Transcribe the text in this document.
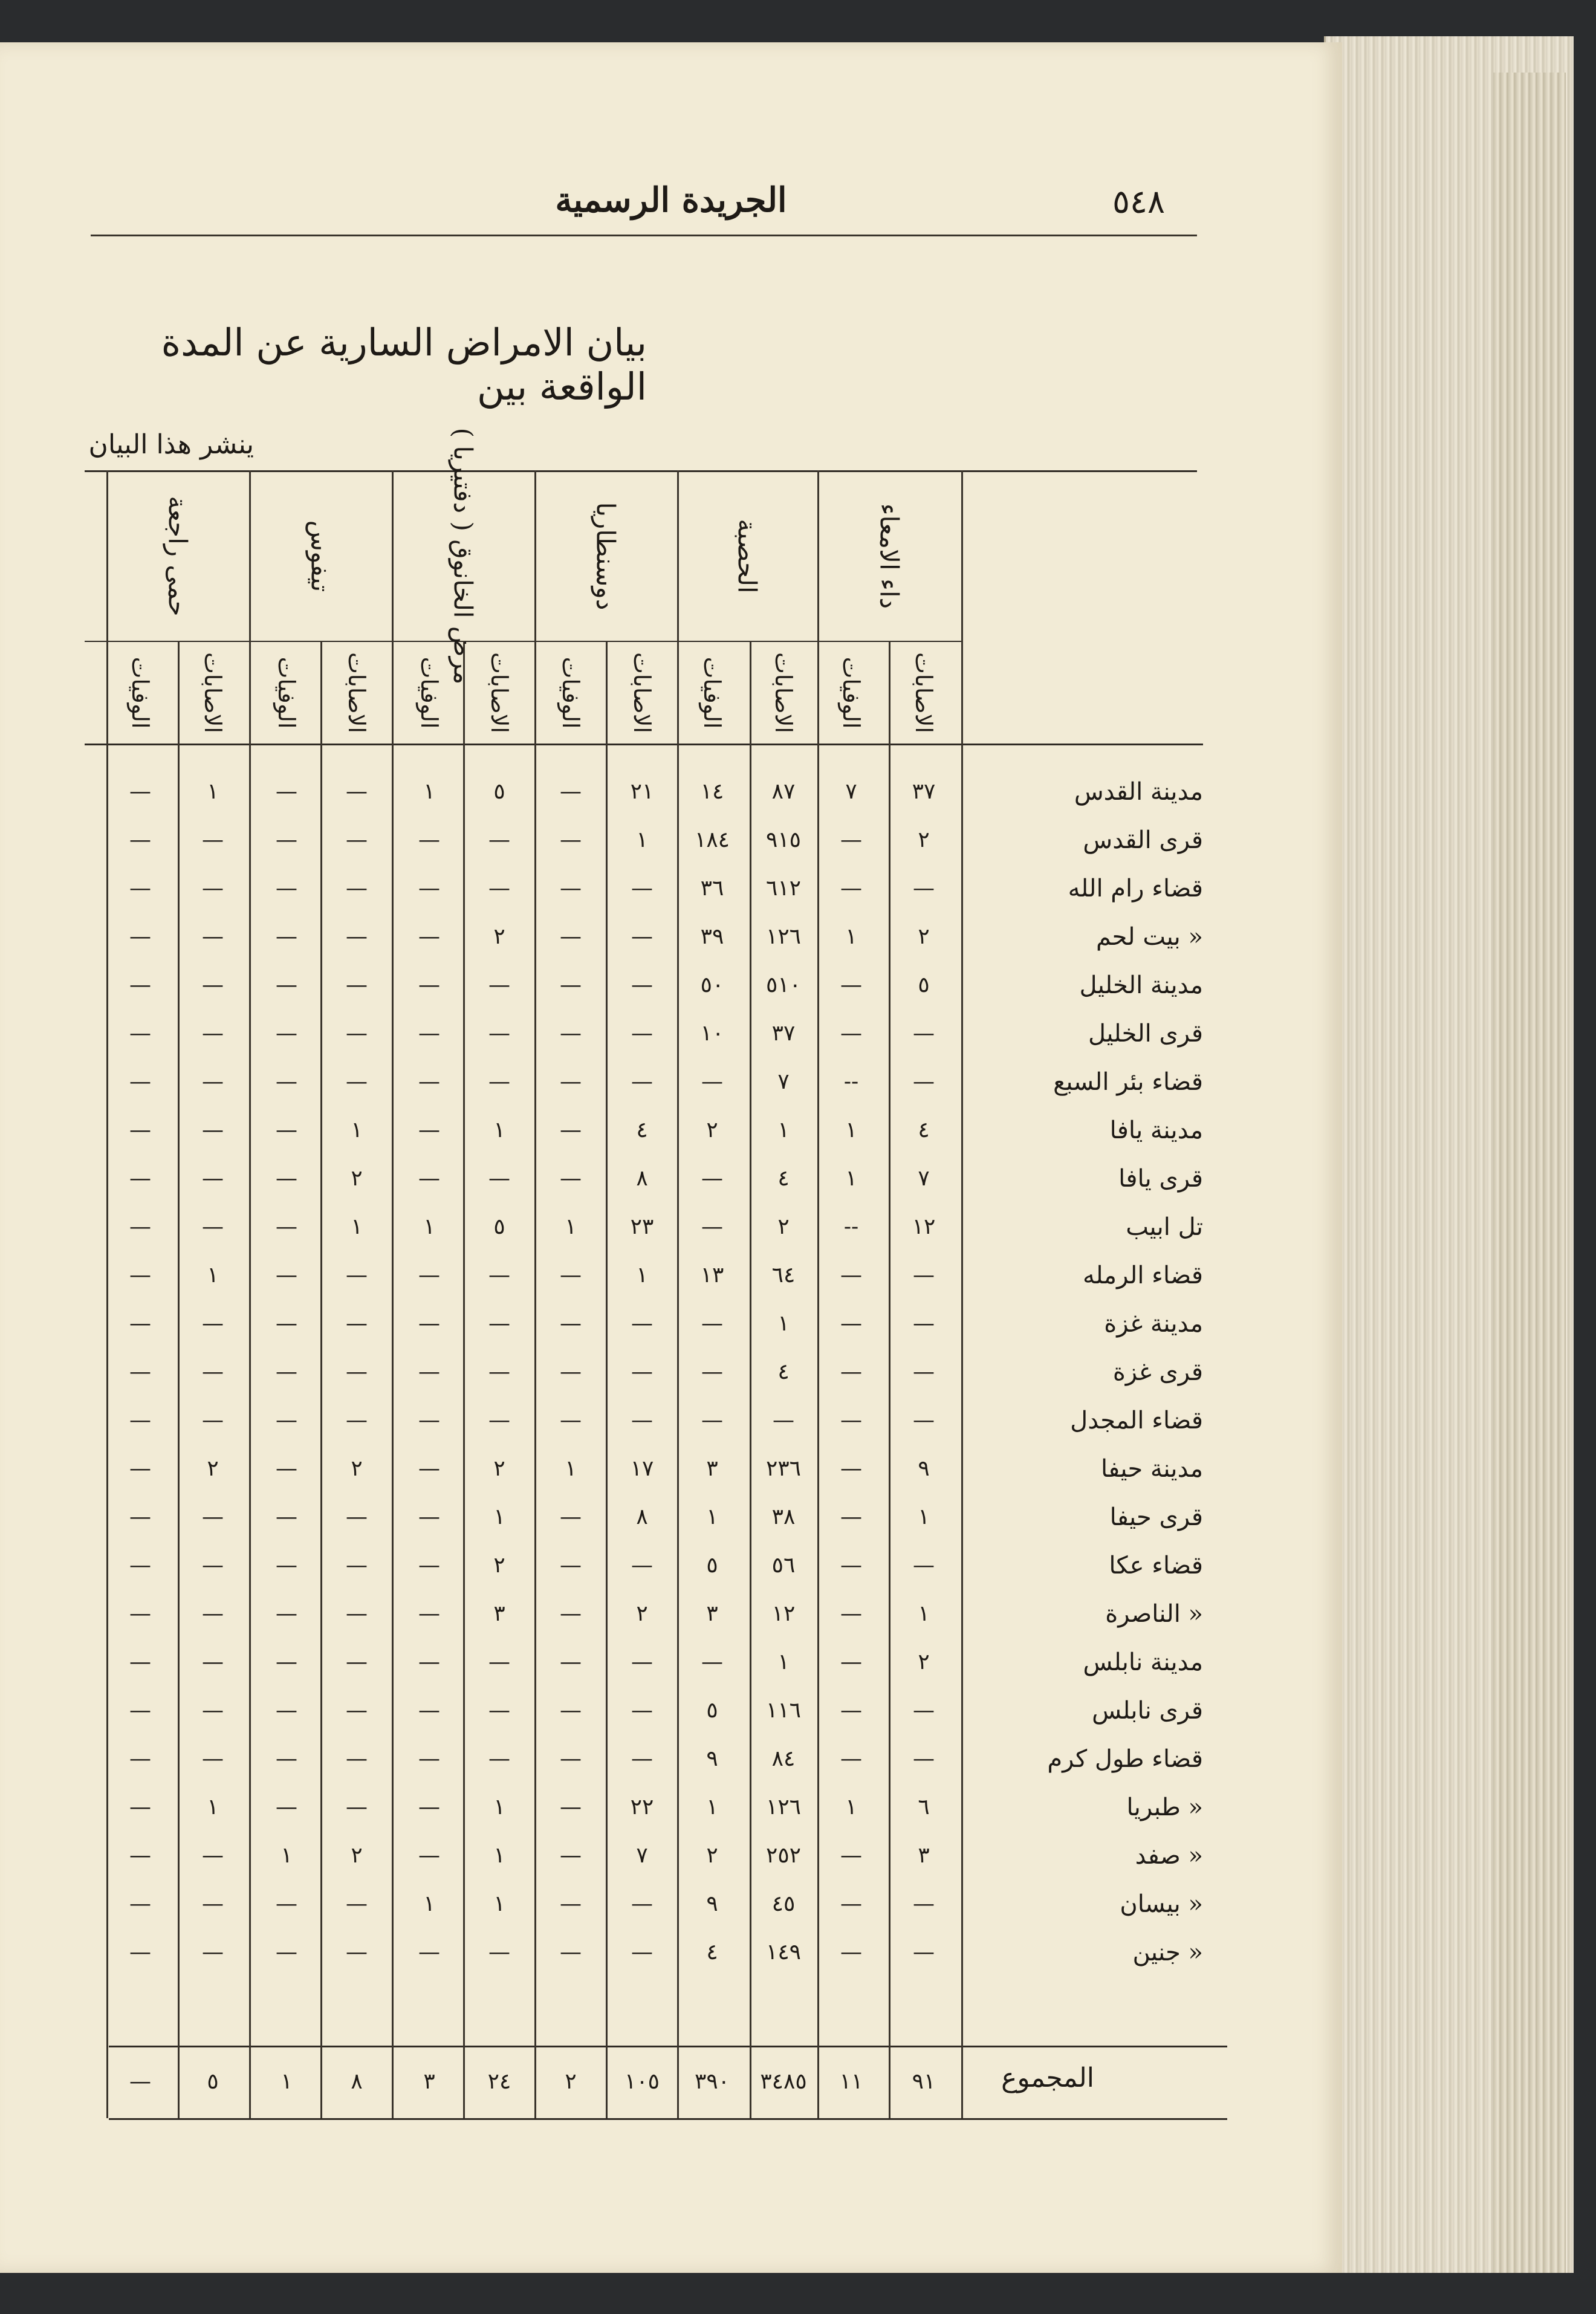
٥٤٨
الجريدة الرسمية
بيان الامراض السارية عن المدة الواقعة بين
ينشر هذا البيان
داء الامعاء
الحصبة
دوسنطاريا
مرض الخانوق ( دفتيريا )
تيفوس
حمى راجعة
الاصابات
الوفيات
الاصابات
الوفيات
الاصابات
الوفيات
الاصابات
الوفيات
الاصابات
الوفيات
الاصابات
الوفيات
مدينة القدس
٣٧
٧
٨٧
١٤
٢١
—
٥
١
—
—
١
—
قرى القدس
٢
—
٩١٥
١٨٤
١
—
—
—
—
—
—
—
قضاء رام الله
—
—
٦١٢
٣٦
—
—
—
—
—
—
—
—
« بيت لحم
٢
١
١٢٦
٣٩
—
—
٢
—
—
—
—
—
مدينة الخليل
٥
—
٥١٠
٥٠
—
—
—
—
—
—
—
—
قرى الخليل
—
—
٣٧
١٠
—
—
—
—
—
—
—
—
قضاء بئر السبع
—
--
٧
—
—
—
—
—
—
—
—
—
مدينة يافا
٤
١
١
٢
٤
—
١
—
١
—
—
—
قرى يافا
٧
١
٤
—
٨
—
—
—
٢
—
—
—
تل ابيب
١٢
--
٢
—
٢٣
١
٥
١
١
—
—
—
قضاء الرمله
—
—
٦٤
١٣
١
—
—
—
—
—
١
—
مدينة غزة
—
—
١
—
—
—
—
—
—
—
—
—
قرى غزة
—
—
٤
—
—
—
—
—
—
—
—
—
قضاء المجدل
—
—
—
—
—
—
—
—
—
—
—
—
مدينة حيفا
٩
—
٢٣٦
٣
١٧
١
٢
—
٢
—
٢
—
قرى حيفا
١
—
٣٨
١
٨
—
١
—
—
—
—
—
قضاء عكا
—
—
٥٦
٥
—
—
٢
—
—
—
—
—
« الناصرة
١
—
١٢
٣
٢
—
٣
—
—
—
—
—
مدينة نابلس
٢
—
١
—
—
—
—
—
—
—
—
—
قرى نابلس
—
—
١١٦
٥
—
—
—
—
—
—
—
—
قضاء طول كرم
—
—
٨٤
٩
—
—
—
—
—
—
—
—
« طبريا
٦
١
١٢٦
١
٢٢
—
١
—
—
—
١
—
« صفد
٣
—
٢٥٢
٢
٧
—
١
—
٢
١
—
—
« بيسان
—
—
٤٥
٩
—
—
١
١
—
—
—
—
« جنين
—
—
١٤٩
٤
—
—
—
—
—
—
—
—
المجموع
٩١
١١
٣٤٨٥
٣٩٠
١٠٥
٢
٢٤
٣
٨
١
٥
—
